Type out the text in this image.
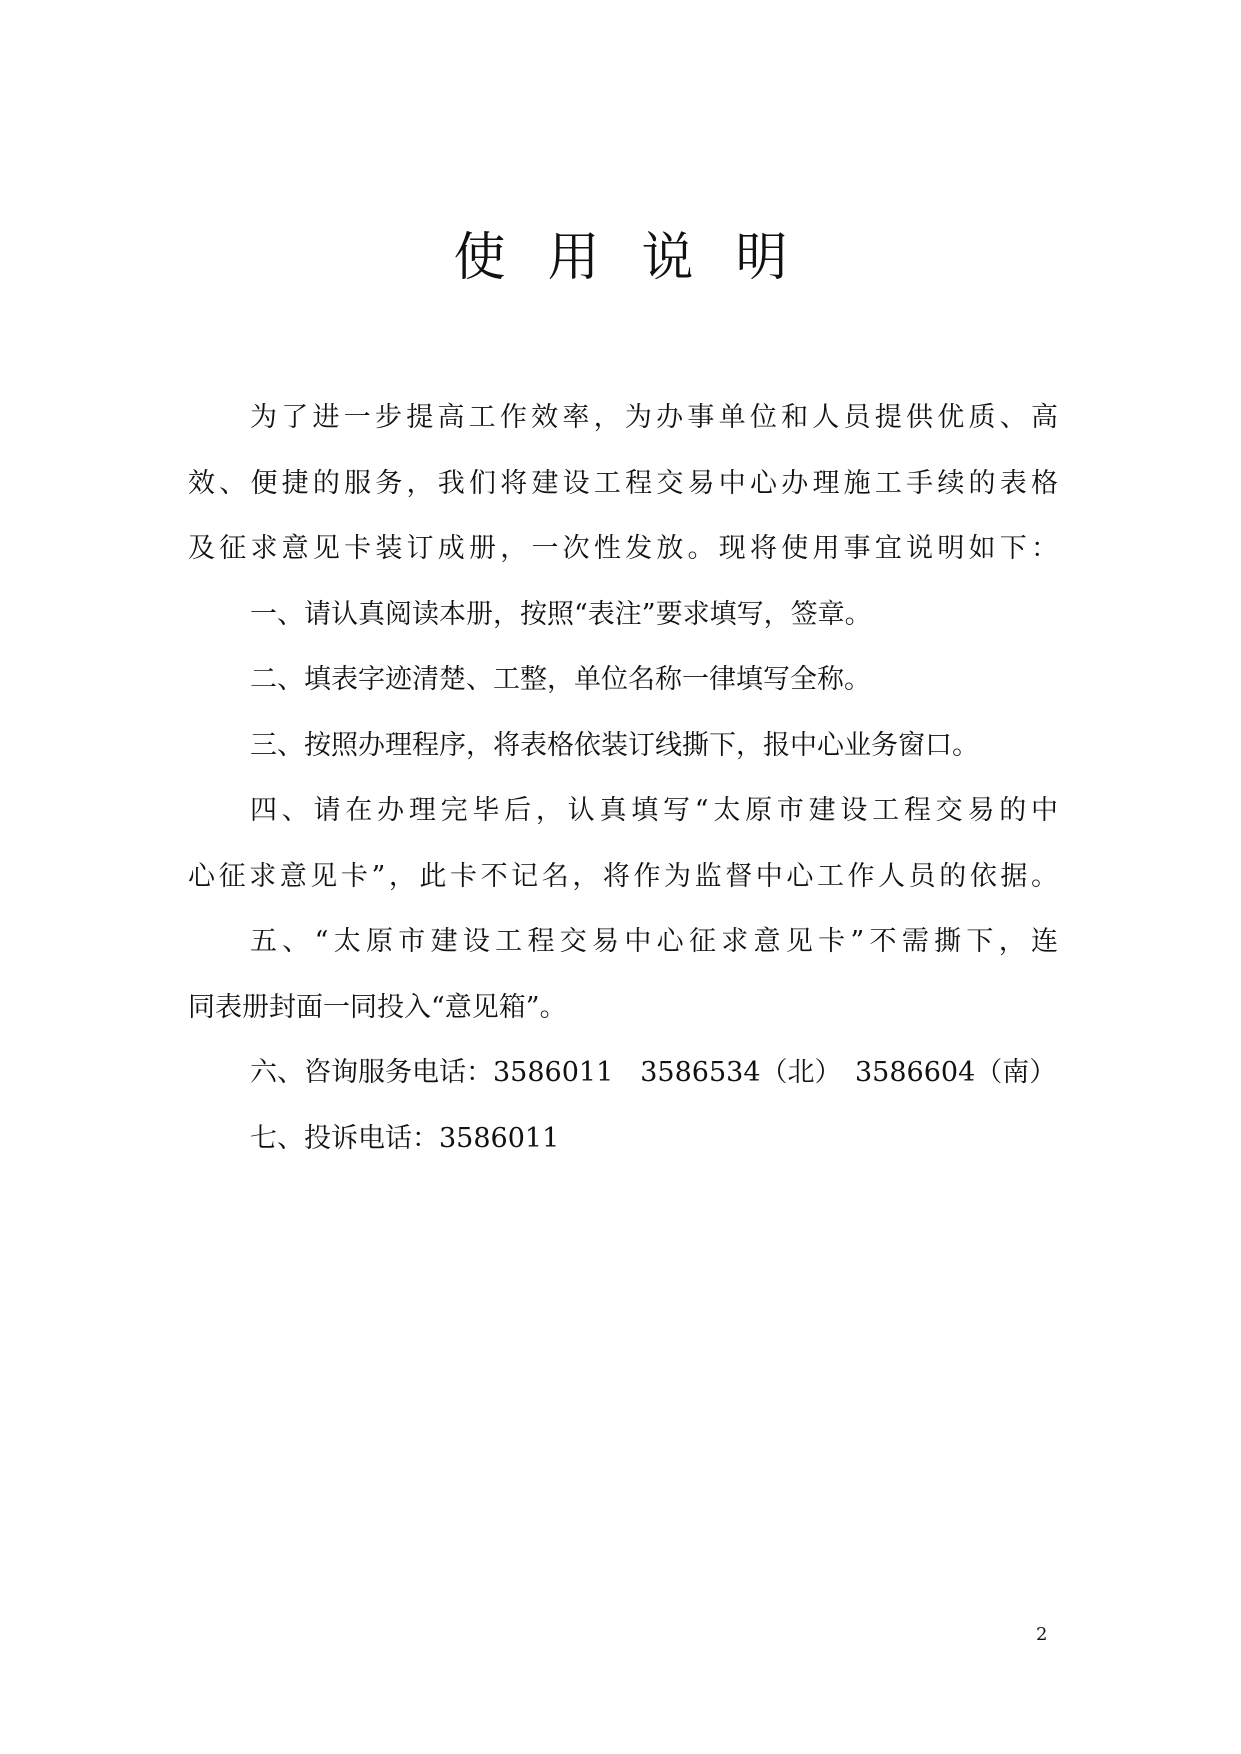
使用说明
为了进一步提高工作效率，为办事单位和人员提供优质、高
效、便捷的服务，我们将建设工程交易中心办理施工手续的表格
及征求意见卡装订成册，一次性发放。现将使用事宜说明如下：
一、请认真阅读本册，按照“表注”要求填写，签章。
二、填表字迹清楚、工整，单位名称一律填写全称。
三、按照办理程序，将表格依装订线撕下，报中心业务窗口。
四、请在办理完毕后，认真填写“太原市建设工程交易的中
心征求意见卡”，此卡不记名，将作为监督中心工作人员的依据。
五、“太原市建设工程交易中心征求意见卡”不需撕下，连
同表册封面一同投入“意见箱”。
六、咨询服务电话：3586011　3586534（北）　3586604（南）
七、投诉电话：3586011
2
